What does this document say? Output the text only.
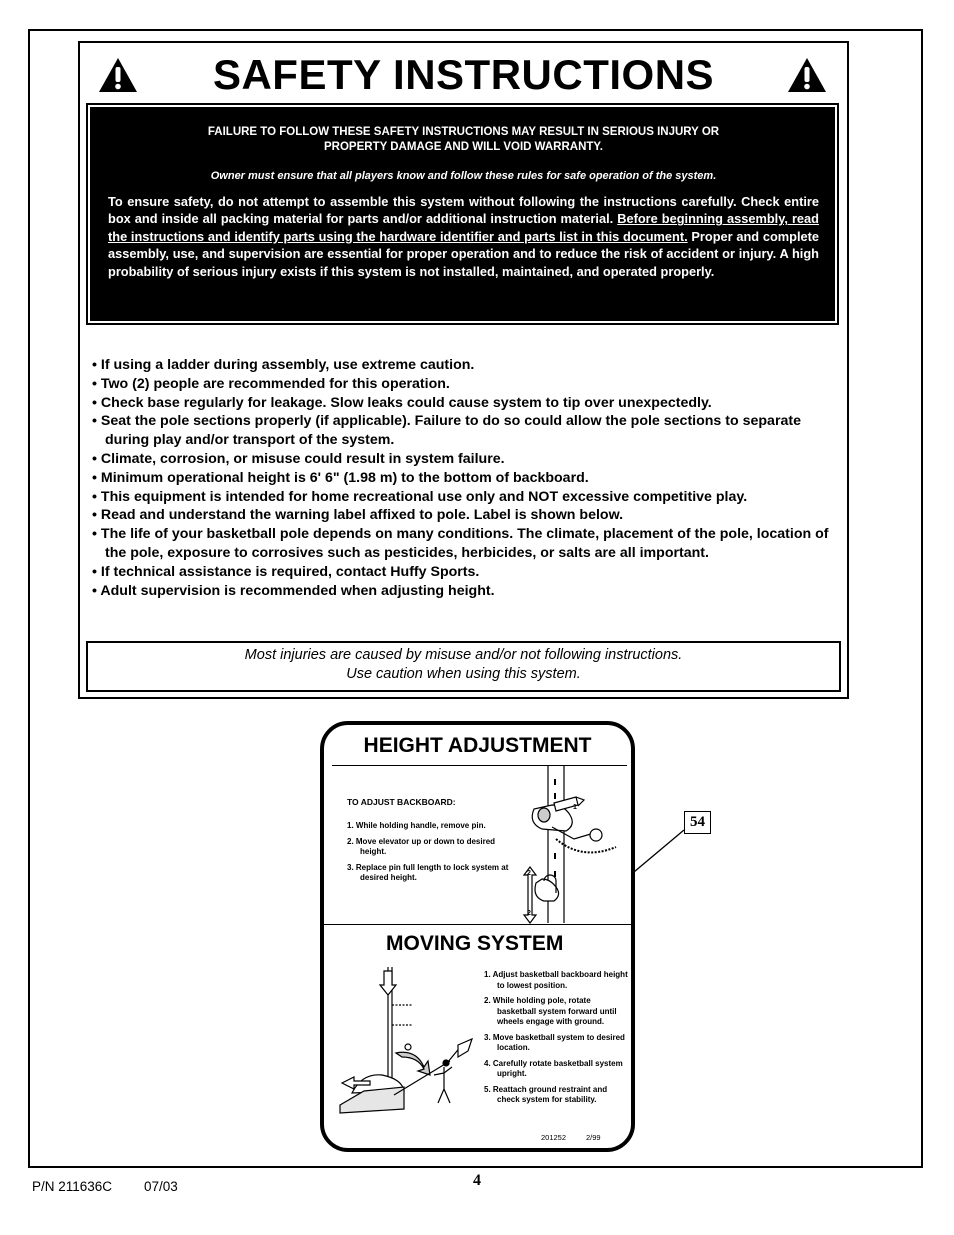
SAFETY INSTRUCTIONS

FAILURE TO FOLLOW THESE SAFETY INSTRUCTIONS MAY RESULT IN SERIOUS INJURY OR
PROPERTY DAMAGE AND WILL VOID WARRANTY.

Owner must ensure that all players know and follow these rules for safe operation of the system.

To ensure safety, do not attempt to assemble this system without following the instructions carefully. Check entire box and inside all packing material for parts and/or additional instruction material. Before beginning assembly, read the instructions and identify parts using the hardware identifier and parts list in this document. Proper and complete assembly, use, and supervision are essential for proper operation and to reduce the risk of accident or injury. A high probability of serious injury exists if this system is not installed, maintained, and operated properly.

• If using a ladder during assembly, use extreme caution.
• Two (2) people are recommended for this operation.
• Check base regularly for leakage. Slow leaks could cause system to tip over unexpectedly.
• Seat the pole sections properly (if applicable). Failure to do so could allow the pole sections to separate during play and/or transport of the system.
• Climate, corrosion, or misuse could result in system failure.
• Minimum operational height is 6' 6" (1.98 m) to the bottom of backboard.
• This equipment is intended for home recreational use only and NOT excessive competitive play.
• Read and understand the warning label affixed to pole. Label is shown below.
• The life of your basketball pole depends on many conditions. The climate, placement of the pole, location of the pole, exposure to corrosives such as pesticides, herbicides, or salts are all important.
• If technical assistance is required, contact Huffy Sports.
• Adult supervision is recommended when adjusting height.
Most injuries are caused by misuse and/or not following instructions.
Use caution when using this system.
HEIGHT ADJUSTMENT
TO ADJUST BACKBOARD:
1. While holding handle, remove pin.
2. Move elevator up or down to desired height.
3. Replace pin full length to lock system at desired height.
1
2
2
MOVING SYSTEM
1. Adjust basketball backboard height to lowest position.
2. While holding pole, rotate basketball system forward until wheels engage with ground.
3. Move basketball system to desired location.
4. Carefully rotate basketball system upright.
5. Reattach ground restraint and check system for stability.
201252	2/99
54
P/N 211636C 07/03	4
